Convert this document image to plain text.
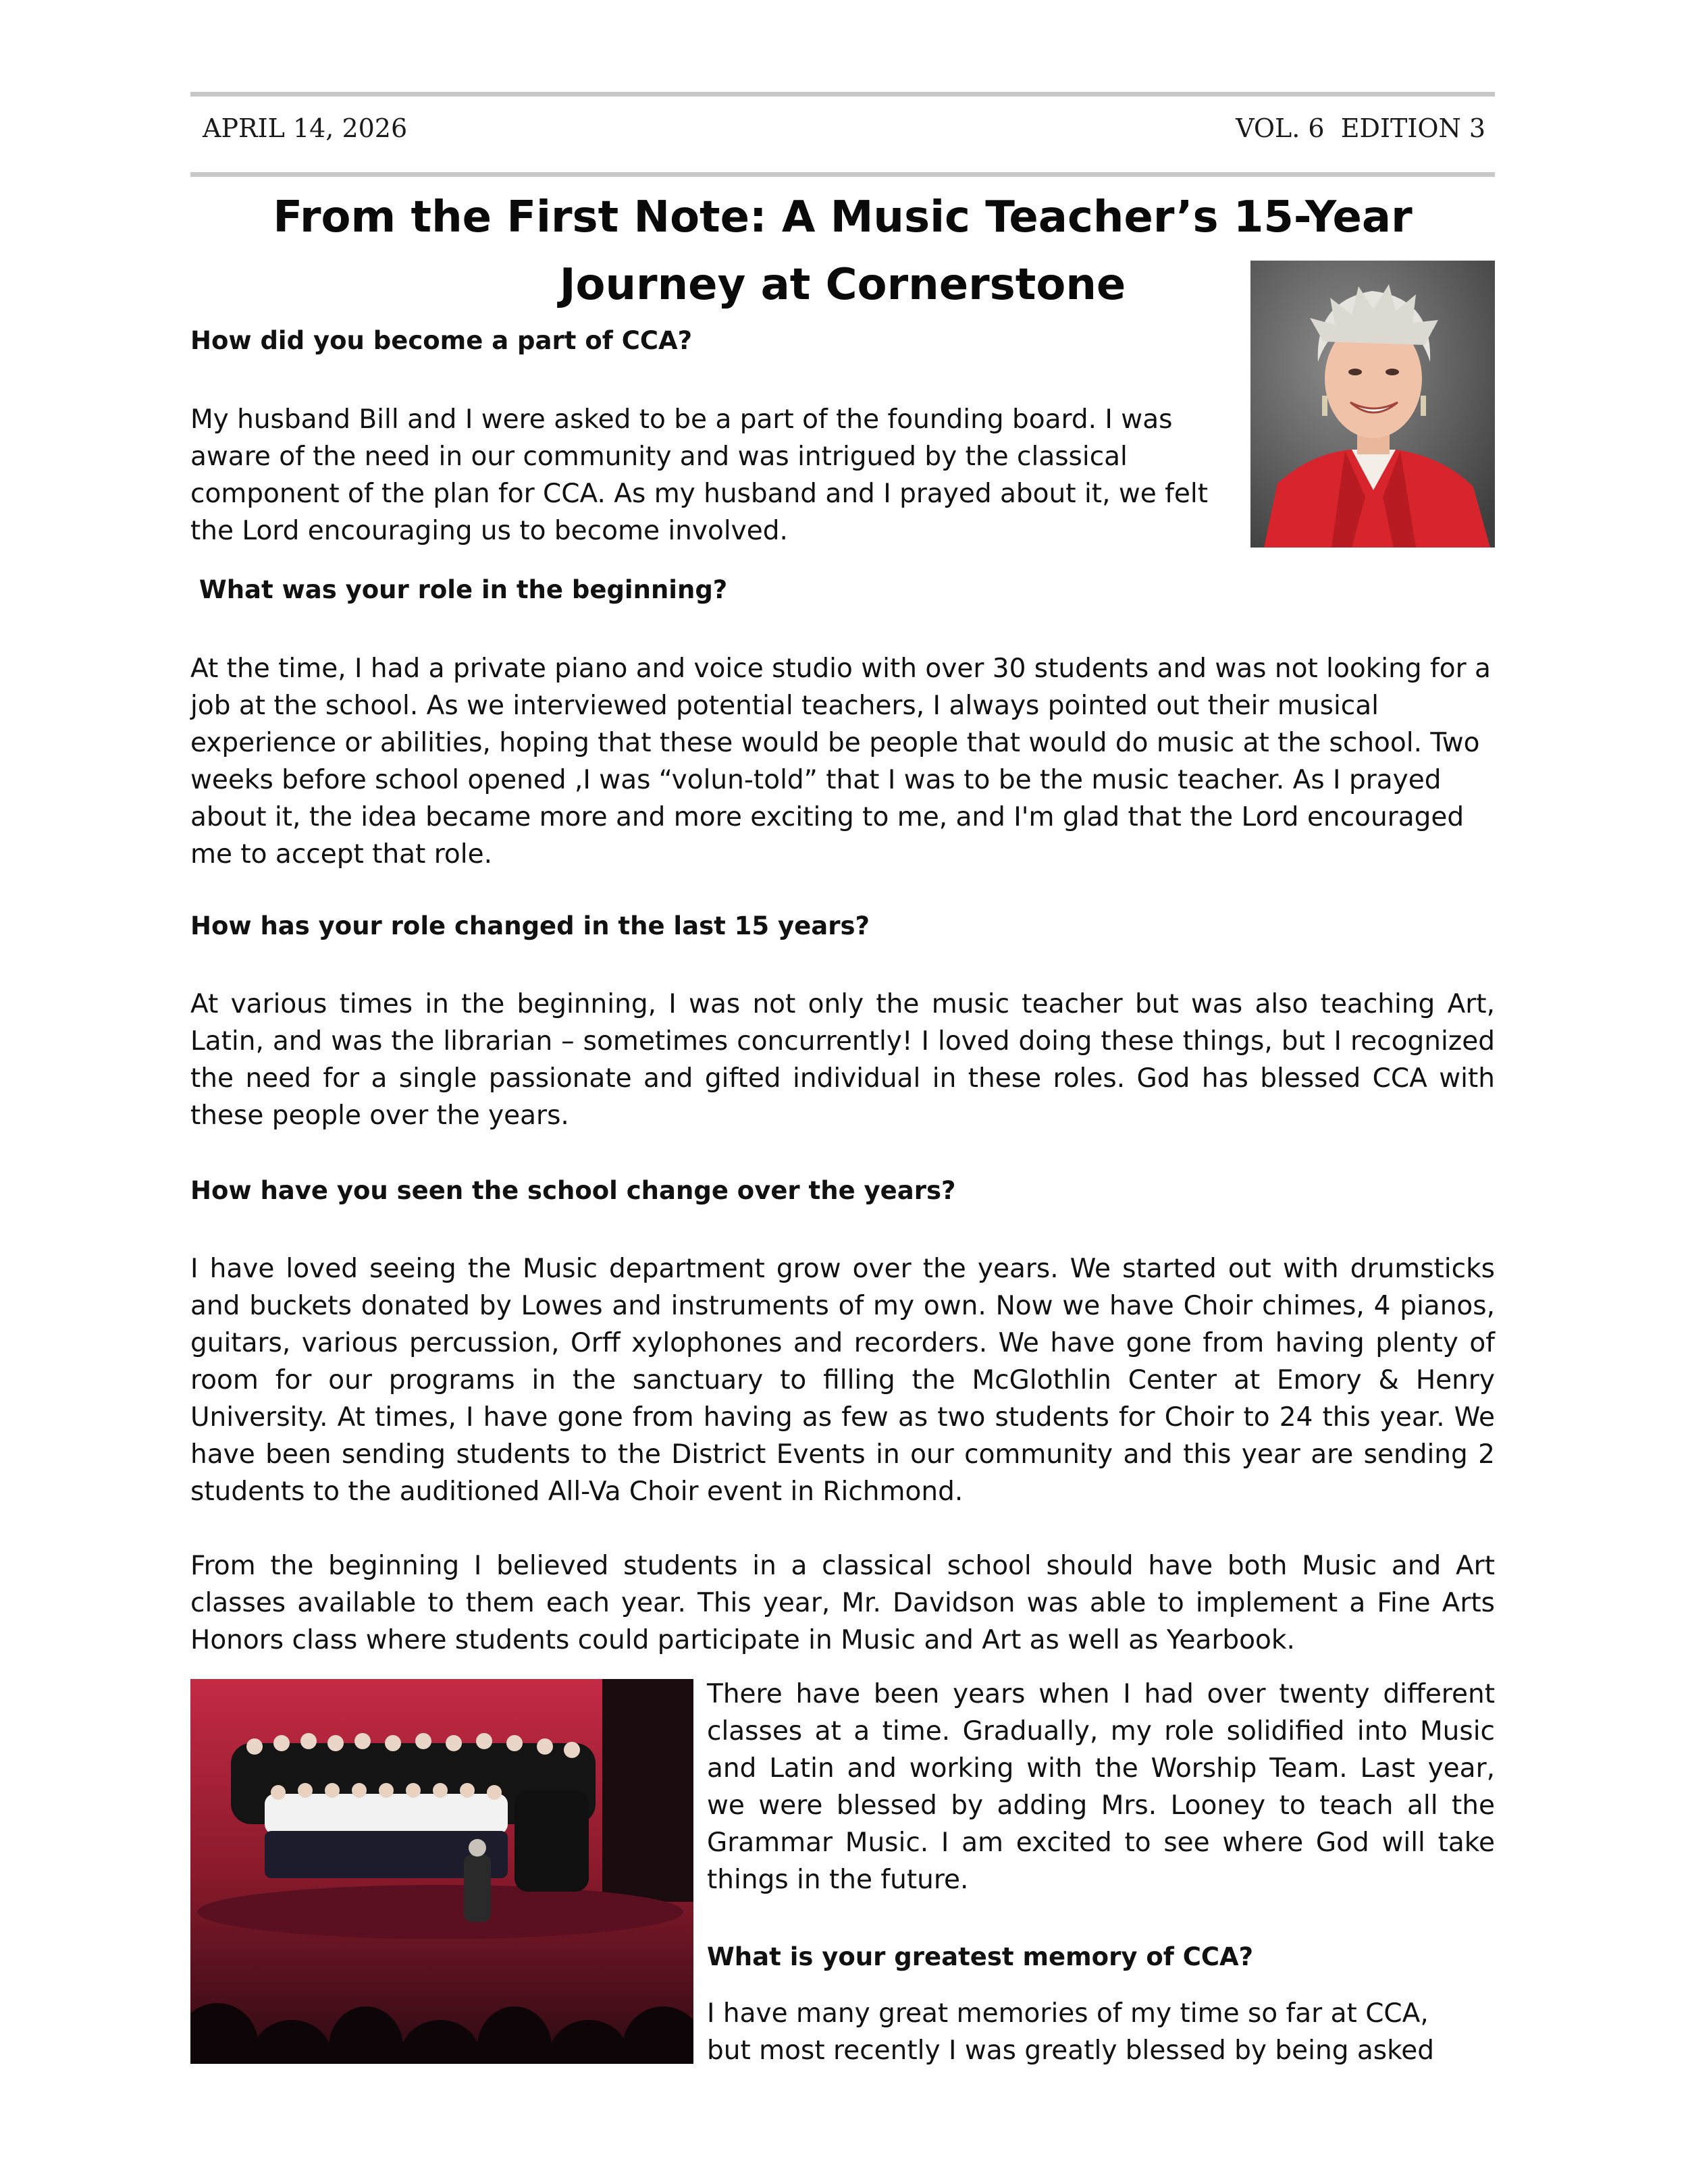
APRIL 14, 2026	VOL. 6  EDITION 3
From the First Note: A Music Teacher’s 15-Year
Journey at Cornerstone

How did you become a part of CCA?

My husband Bill and I were asked to be a part of the founding board. I was

aware of the need in our community and was intrigued by the classical

component of the plan for CCA. As my husband and I prayed about it, we felt

the Lord encouraging us to become involved.

What was your role in the beginning?

At the time, I had a private piano and voice studio with over 30 students and was not looking for a

job at the school. As we interviewed potential teachers, I always pointed out their musical

experience or abilities, hoping that these would be people that would do music at the school. Two

weeks before school opened ,I was “volun-told” that I was to be the music teacher. As I prayed

about it, the idea became more and more exciting to me, and I'm glad that the Lord encouraged

me to accept that role.

How has your role changed in the last 15 years?

At various times in the beginning, I was not only the music teacher but was also teaching Art, Latin, and was the librarian – sometimes concurrently! I loved doing these things, but I recognized the need for a single passionate and gifted individual in these roles. God has blessed CCA with these people over the years.

How have you seen the school change over the years?

I have loved seeing the Music department grow over the years. We started out with drumsticks and buckets donated by Lowes and instruments of my own. Now we have Choir chimes, 4 pianos, guitars, various percussion, Orff xylophones and recorders. We have gone from having plenty of room for our programs in the sanctuary to filling the McGlothlin Center at Emory & Henry University. At times, I have gone from having as few as two students for Choir to 24 this year. We have been sending students to the District Events in our community and this year are sending 2 students to the auditioned All-Va Choir event in Richmond.

From the beginning I believed students in a classical school should have both Music and Art classes available to them each year. This year, Mr. Davidson was able to implement a Fine Arts Honors class where students could participate in Music and Art as well as Yearbook.

There have been years when I had over twenty different classes at a time. Gradually, my role solidified into Music and Latin and working with the Worship Team. Last year, we were blessed by adding Mrs. Looney to teach all the Grammar Music. I am excited to see where God will take things in the future.

What is your greatest memory of CCA?

I have many great memories of my time so far at CCA,

but most recently I was greatly blessed by being asked
